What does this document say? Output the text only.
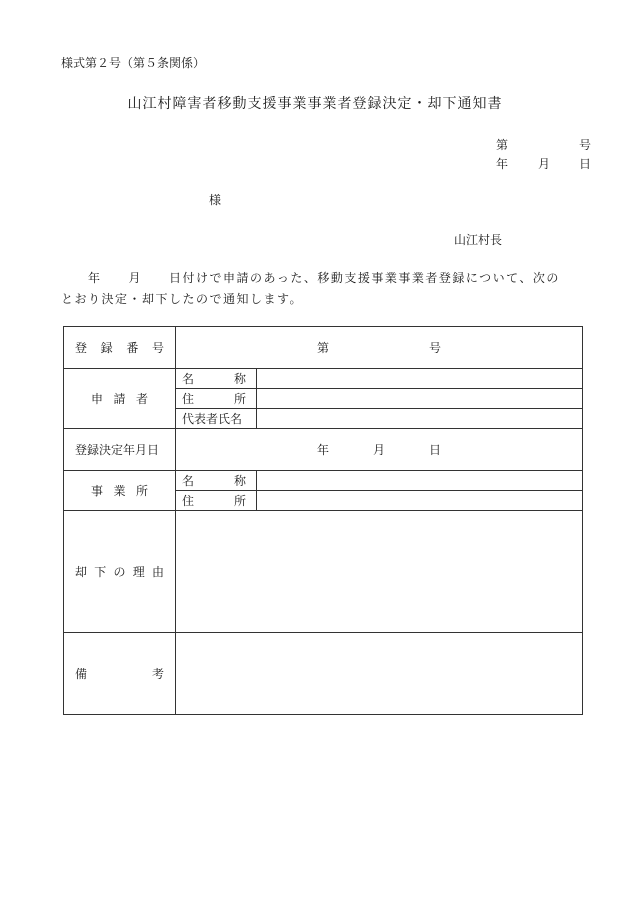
様式第２号（第５条関係）
山江村障害者移動支援事業事業者登録決定・却下通知書
第	号
年 月 日
様
山江村長
　　年　　月　　日付けで申請のあった、移動支援事業事業者登録について、次の
とおり決定・却下したので通知します。
登 録 番 号	第 号	

申 請 者	名 称	

	住 所	

	代表者氏名	
登録決定年月日	年 月 日	

事 業 所	名 称	

	住 所	

却 下 の 理 由		

備 考		
